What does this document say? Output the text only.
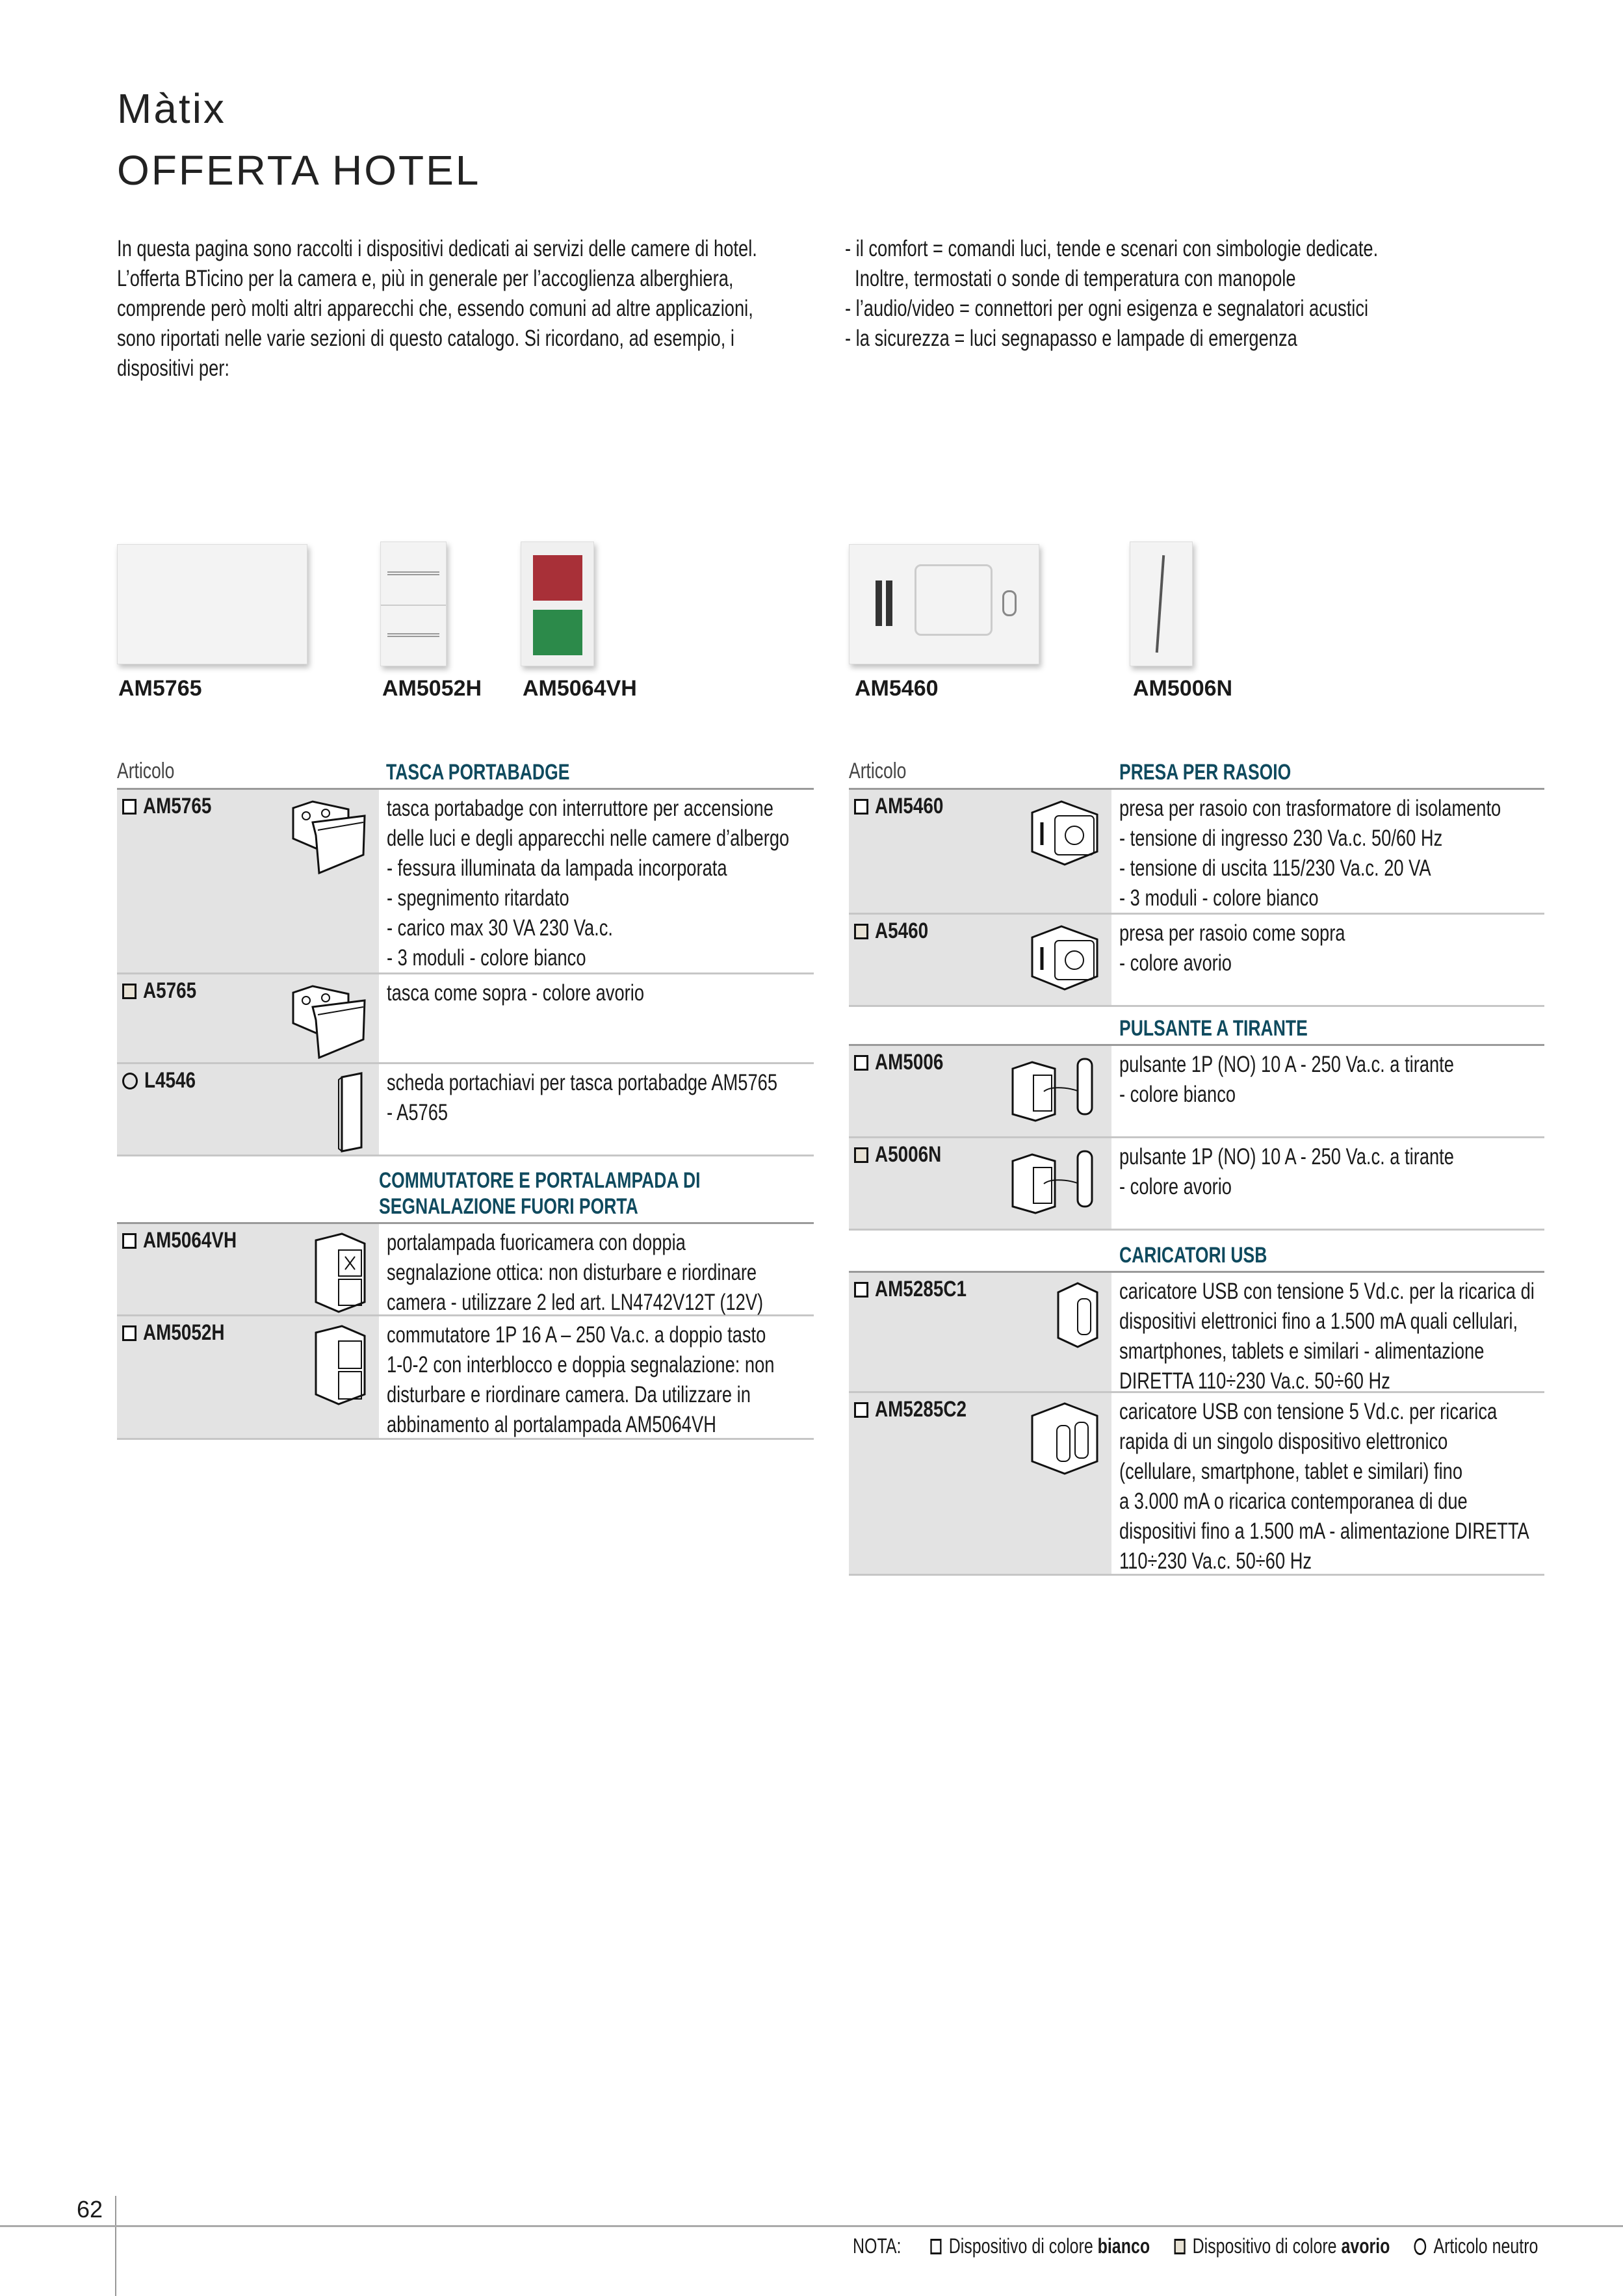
Màtix
OFFERTA HOTEL
In questa pagina sono raccolti i dispositivi dedicati ai servizi delle camere di hotel.
L’offerta BTicino per la camera e, più in generale per l’accoglienza alberghiera,
comprende però molti altri apparecchi che, essendo comuni ad altre applicazioni,
sono riportati nelle varie sezioni di questo catalogo. Si ricordano, ad esempio, i
dispositivi per:
- il comfort = comandi luci, tende e scenari con simbologie dedicate.
Inoltre, termostati o sonde di temperatura con manopole
- l’audio/video = connettori per ogni esigenza e segnalatori acustici
- la sicurezza = luci segnapasso e lampade di emergenza
AM5765	AM5052H AM5064VH	AM5460	AM5006N
Articolo	TASCA PORTABADGE
AM5765	tasca portabadge con interruttore per accensione
delle luci e degli apparecchi nelle camere d’albergo
- fessura illuminata da lampada incorporata
- spegnimento ritardato
- carico max 30 VA 230 Va.c.
- 3 moduli - colore bianco
A5765	tasca come sopra - colore avorio
L4546	scheda portachiavi per tasca portabadge AM5765
- A5765
COMMUTATORE E PORTALAMPADA DI
SEGNALAZIONE FUORI PORTA
AM5064VH	portalampada fuoricamera con doppia
segnalazione ottica: non disturbare e riordinare
camera - utilizzare 2 led art. LN4742V12T (12V)
AM5052H	commutatore 1P 16 A – 250 Va.c. a doppio tasto
1-0-2 con interblocco e doppia segnalazione: non
disturbare e riordinare camera. Da utilizzare in
abbinamento al portalampada AM5064VH
Articolo	PRESA PER RASOIO
AM5460	presa per rasoio con trasformatore di isolamento
- tensione di ingresso 230 Va.c. 50/60 Hz
- tensione di uscita 115/230 Va.c. 20 VA
- 3 moduli - colore bianco
A5460	presa per rasoio come sopra
- colore avorio
PULSANTE A TIRANTE
AM5006	pulsante 1P (NO) 10 A - 250 Va.c. a tirante
- colore bianco
A5006N	pulsante 1P (NO) 10 A - 250 Va.c. a tirante
- colore avorio
CARICATORI USB
AM5285C1	caricatore USB con tensione 5 Vd.c. per la ricarica di
dispositivi elettronici fino a 1.500 mA quali cellulari,
smartphones, tablets e similari - alimentazione
DIRETTA 110÷230 Va.c. 50÷60 Hz
AM5285C2	caricatore USB con tensione 5 Vd.c. per ricarica
rapida di un singolo dispositivo elettronico
(cellulare, smartphone, tablet e similari) fino
a 3.000 mA o ricarica contemporanea di due
dispositivi fino a 1.500 mA - alimentazione DIRETTA
110÷230 Va.c. 50÷60 Hz
62
NOTA: Dispositivo di colore bianco Dispositivo di colore avorio Articolo neutro
